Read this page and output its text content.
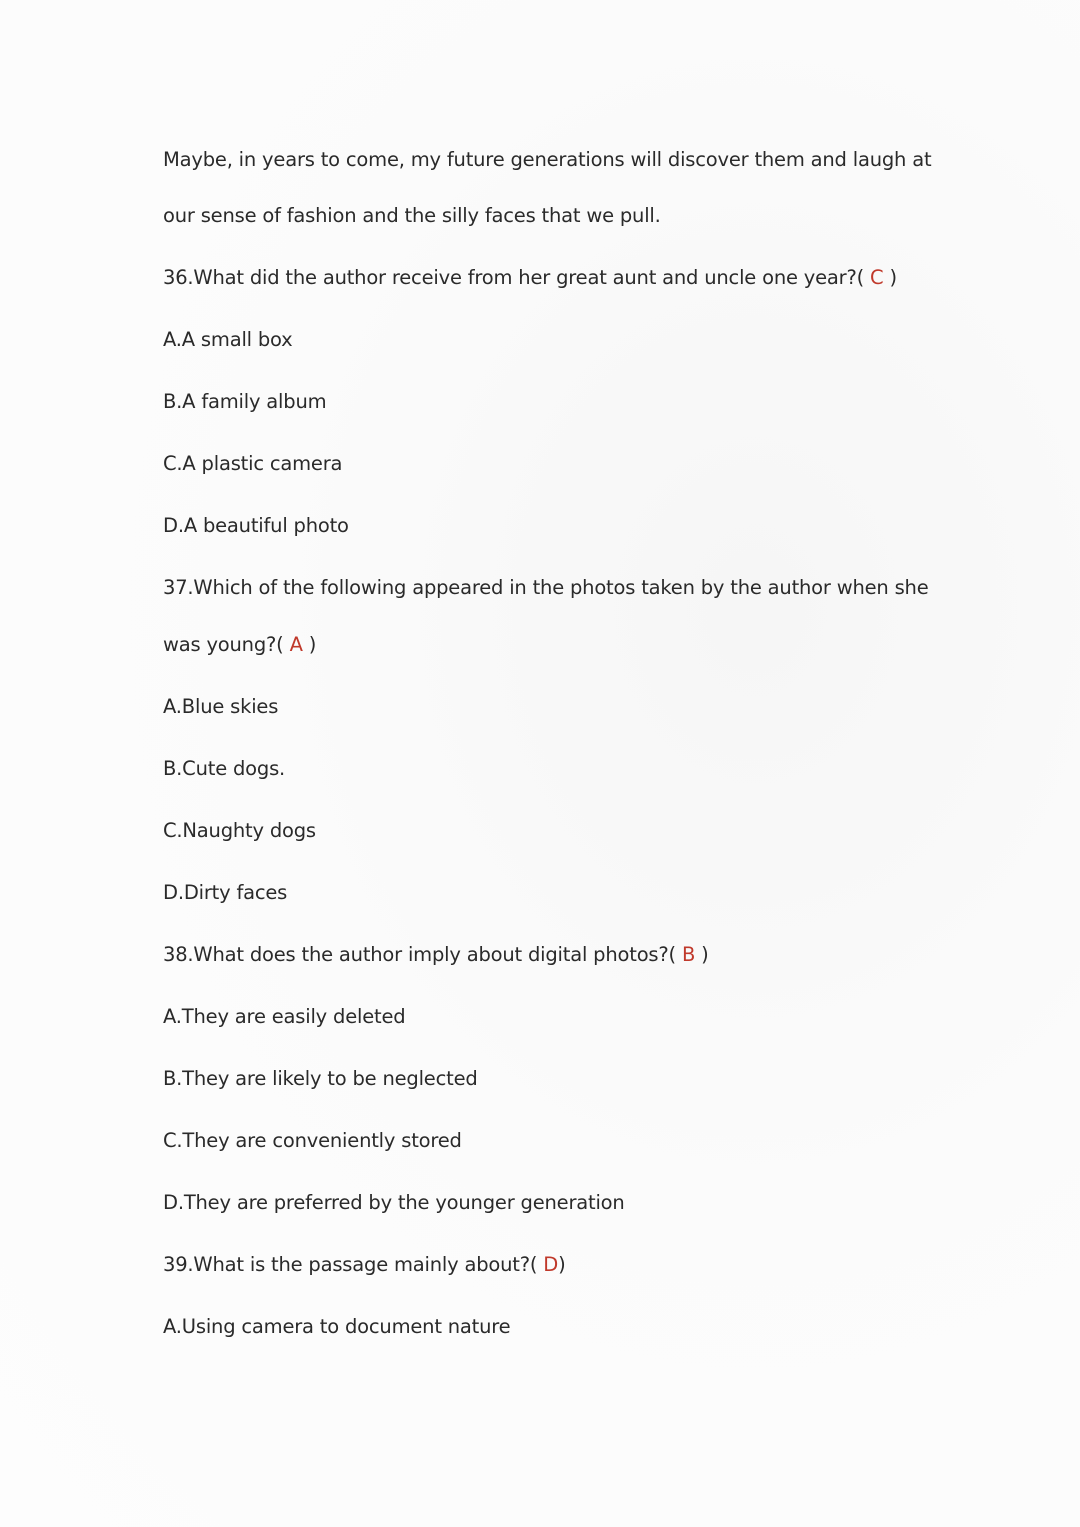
Maybe, in years to come, my future generations will discover them and laugh at
our sense of fashion and the silly faces that we pull.
36.What did the author receive from her great aunt and uncle one year?( C )
A.A small box
B.A family album
C.A plastic camera
D.A beautiful photo
37.Which of the following appeared in the photos taken by the author when she
was young?( A )
A.Blue skies
B.Cute dogs.
C.Naughty dogs
D.Dirty faces
38.What does the author imply about digital photos?( B )
A.They are easily deleted
B.They are likely to be neglected
C.They are conveniently stored
D.They are preferred by the younger generation
39.What is the passage mainly about?( D)
A.Using camera to document nature
